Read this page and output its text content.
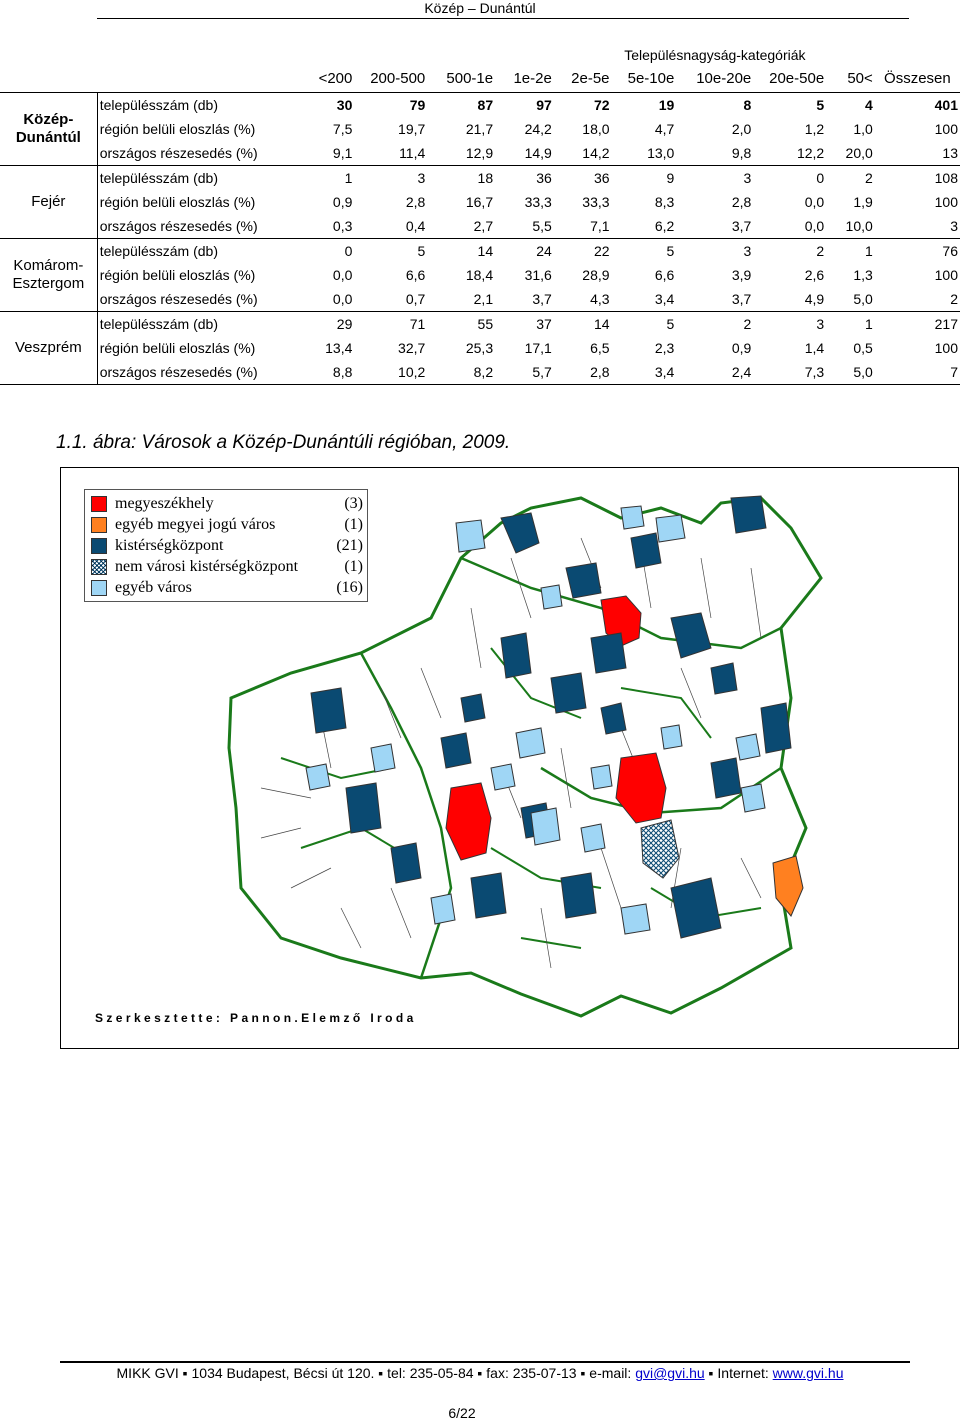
Közép – Dunántúl
		Településnagyság-kategóriák									
		<200	200-500	500-1e	1e-2e	2e-5e	5e-10e	10e-20e	20e-50e	50<	Összesen
Közép-Dunántúl	településszám (db)	30	79	87	97	72	19	8	5	4	401
	régión belüli eloszlás (%)	7,5	19,7	21,7	24,2	18,0	4,7	2,0	1,2	1,0	100
	országos részesedés (%)	9,1	11,4	12,9	14,9	14,2	13,0	9,8	12,2	20,0	13
Fejér	településszám (db)	1	3	18	36	36	9	3	0	2	108
	régión belüli eloszlás (%)	0,9	2,8	16,7	33,3	33,3	8,3	2,8	0,0	1,9	100
	országos részesedés (%)	0,3	0,4	2,7	5,5	7,1	6,2	3,7	0,0	10,0	3
Komárom-Esztergom	településszám (db)	0	5	14	24	22	5	3	2	1	76
	régión belüli eloszlás (%)	0,0	6,6	18,4	31,6	28,9	6,6	3,9	2,6	1,3	100
	országos részesedés (%)	0,0	0,7	2,1	3,7	4,3	3,4	3,7	4,9	5,0	2
Veszprém	településszám (db)	29	71	55	37	14	5	2	3	1	217
	régión belüli eloszlás (%)	13,4	32,7	25,3	17,1	6,5	2,3	0,9	1,4	0,5	100
	országos részesedés (%)	8,8	10,2	8,2	5,7	2,8	3,4	2,4	7,3	5,0	7
1.1. ábra: Városok a Közép-Dunántúli régióban, 2009.
megyeszékhely	(3)
egyéb megyei jogú város	(1)
kistérségközpont	(21)
nem városi kistérségközpont	(1)
egyéb város	(16)
Szerkesztette: Pannon.Elemző Iroda
MIKK GVI ▪ 1034 Budapest, Bécsi út 120. ▪ tel: 235-05-84 ▪ fax: 235-07-13 ▪ e-mail: gvi@gvi.hu ▪ Internet: www.gvi.hu
6/22
